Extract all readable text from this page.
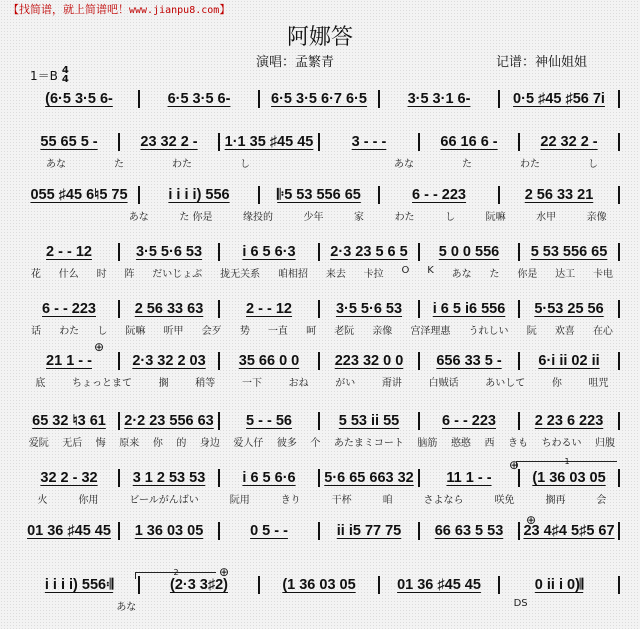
【找简谱，就上简谱吧！www.jianpu8.com】
阿娜答
演唱：孟繁青	记谱：神仙姐姐
1＝B 4
4
(6·5 3·5 6-	6·5 3·5 6-	6·5 3·5 6·7 6·5	3·5 3·1 6-	0·5 ♯45 ♯56 7i
55 65 5 -	23 32 2 -	1·1 35 ♯45 45	3 - - -	66 16 6 -	22 32 2 -
あな	た	わた	し	あな	た	わた	し
055 ♯45 6♮5 75	i i i i) 556	𝄆5 53 556 65	6 - - 223	2 56 33 21
あな	た 你是	缘投的	少年	家	わた	し	阮嘛	水甲	亲像
2 - - 12	3·5 5·6 53	i 6 5 6·3	2·3 23 5 6 5	5 0 0 556	5 53 556 65
花 什么 时 阵 だいじょぶ 拢无关系 咱相招 来去 卡拉 O K あな た 你是 达工 卡电
6 - - 223	2 56 33 63	2 - - 12	3·5 5·6 53	i 6 5 i6 556	5·53 25 56
话 わた し 阮嘛 听甲 会歹 势 一直 呵 老阮 亲像 宫泽理惠 うれしい 阮 欢喜 在心
21 1 - -	2·3 32 2 03	35 66 0 0	223 32 0 0	656 33 5 -	6·i ii 02 ii
底	ちょっとまて	搁	稍等	一下	おね	がい	甭讲	白贼话	あいして	你	咀咒
65 32 ♮3 61	2·2 23 556 63	5 - - 56	5 53 ii 55	6 - - 223	2 23 6 223
爱阮 无后 悔 原来 你 的 身边 爱人仔 彼多 个 あたまミコート 脑筋 憨憨 西 きも ちわるい 归腹
32 2 - 32	3 1 2 53 53	i 6 5 6·6	5·6 65 663 32	11 1 - -	(1 36 03 05
火	你用	ビールがんばい	阮用	きり	干杯	咱	さよなら	咲免	搁再	会
01 36 ♯45 45	1 36 03 05	0 5 - -	ii i5 77 75	66 63 5 53	23 4♯4 5♯5 67
i i i i) 556𝄇	(2·3 3♯2)	(1 36 03 05	01 36 ♯45 45	0 ii i 0)𝄂
あな	DS
⊕
⊕	1
⊕
2	⊕
